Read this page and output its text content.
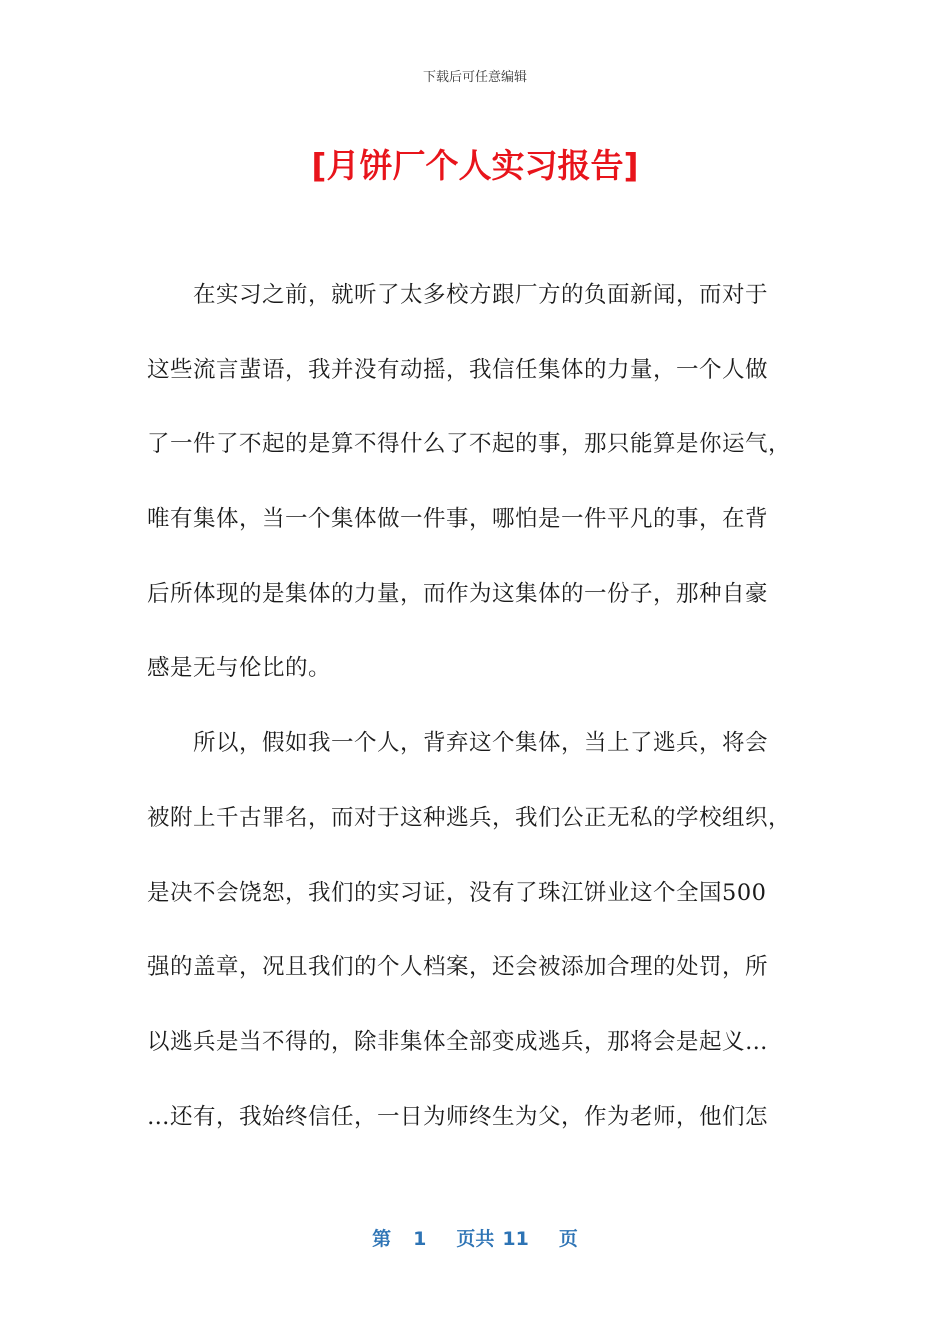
下载后可任意编辑
[月饼厂个人实习报告]
　　在实习之前，就听了太多校方跟厂方的负面新闻，而对于
这些流言蜚语，我并没有动摇，我信任集体的力量，一个人做
了一件了不起的是算不得什么了不起的事，那只能算是你运气，
唯有集体，当一个集体做一件事，哪怕是一件平凡的事，在背
后所体现的是集体的力量，而作为这集体的一份子，那种自豪
感是无与伦比的。
　　所以，假如我一个人，背弃这个集体，当上了逃兵，将会
被附上千古罪名，而对于这种逃兵，我们公正无私的学校组织，
是决不会饶恕，我们的实习证，没有了珠江饼业这个全国500
强的盖章，况且我们的个人档案，还会被添加合理的处罚，所
以逃兵是当不得的，除非集体全部变成逃兵，那将会是起义…
…还有，我始终信任，一日为师终生为父，作为老师，他们怎
第 1 页共 11 页
